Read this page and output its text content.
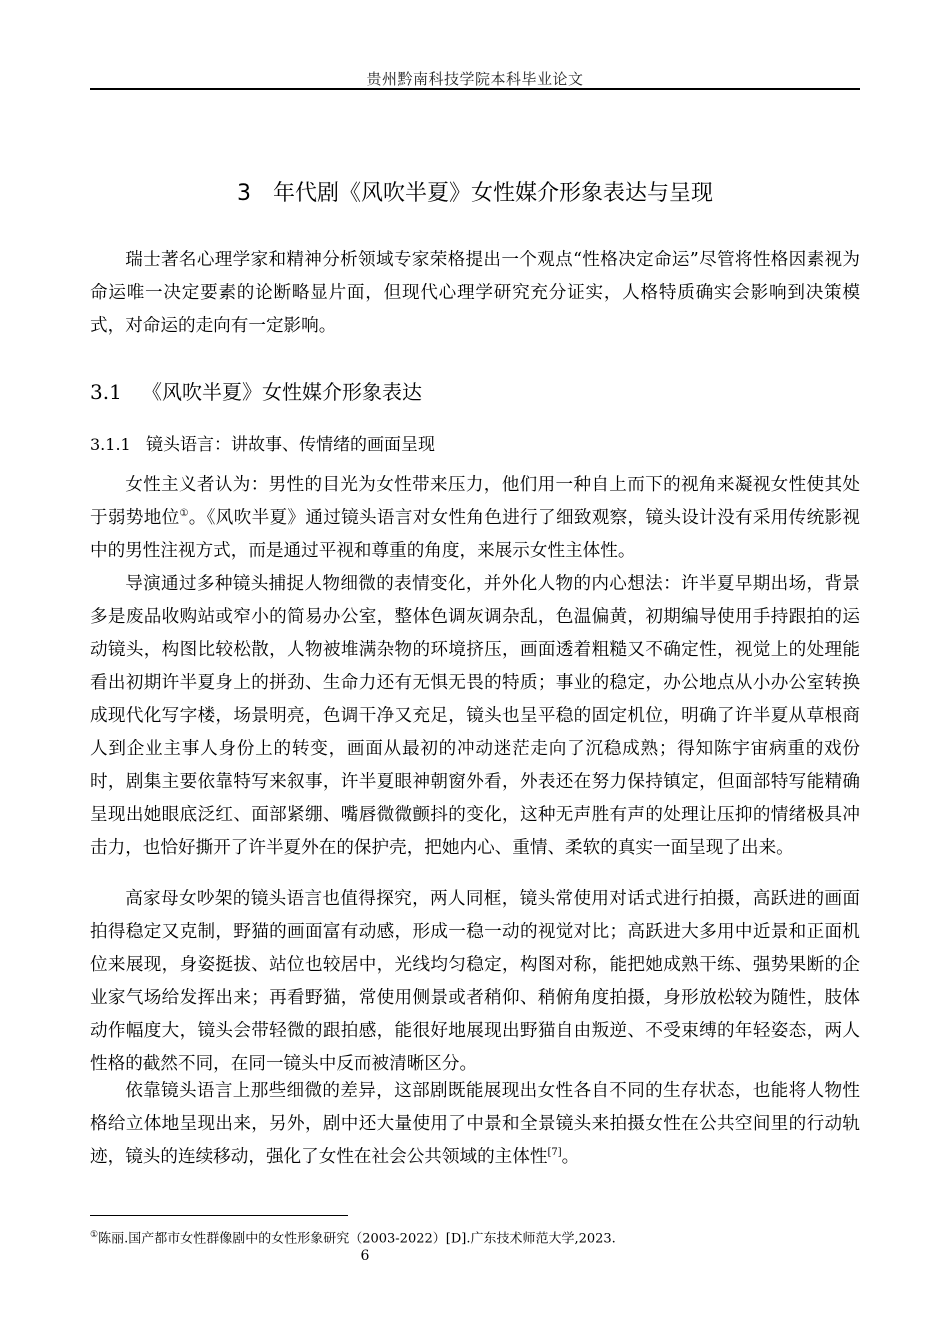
贵州黔南科技学院本科毕业论文
3 年代剧《风吹半夏》女性媒介形象表达与呈现
瑞士著名心理学家和精神分析领域专家荣格提出一个观点“性格决定命运”尽管将性格因素视为命运唯一决定要素的论断略显片面，但现代心理学研究充分证实，人格特质确实会影响到决策模式，对命运的走向有一定影响。
3.1 《风吹半夏》女性媒介形象表达
3.1.1 镜头语言：讲故事、传情绪的画面呈现
女性主义者认为：男性的目光为女性带来压力，他们用一种自上而下的视角来凝视女性使其处于弱势地位①。《风吹半夏》通过镜头语言对女性角色进行了细致观察，镜头设计没有采用传统影视中的男性注视方式，而是通过平视和尊重的角度，来展示女性主体性。
导演通过多种镜头捕捉人物细微的表情变化，并外化人物的内心想法：许半夏早期出场，背景多是废品收购站或窄小的简易办公室，整体色调灰调杂乱，色温偏黄，初期编导使用手持跟拍的运动镜头，构图比较松散，人物被堆满杂物的环境挤压，画面透着粗糙又不确定性，视觉上的处理能看出初期许半夏身上的拼劲、生命力还有无惧无畏的特质；事业的稳定，办公地点从小办公室转换成现代化写字楼，场景明亮，色调干净又充足，镜头也呈平稳的固定机位，明确了许半夏从草根商人到企业主事人身份上的转变，画面从最初的冲动迷茫走向了沉稳成熟；得知陈宇宙病重的戏份时，剧集主要依靠特写来叙事，许半夏眼神朝窗外看，外表还在努力保持镇定，但面部特写能精确呈现出她眼底泛红、面部紧绷、嘴唇微微颤抖的变化，这种无声胜有声的处理让压抑的情绪极具冲击力，也恰好撕开了许半夏外在的保护壳，把她内心、重情、柔软的真实一面呈现了出来。
高家母女吵架的镜头语言也值得探究，两人同框，镜头常使用对话式进行拍摄，高跃进的画面拍得稳定又克制，野猫的画面富有动感，形成一稳一动的视觉对比；高跃进大多用中近景和正面机位来展现，身姿挺拔、站位也较居中，光线均匀稳定，构图对称，能把她成熟干练、强势果断的企业家气场给发挥出来；再看野猫，常使用侧景或者稍仰、稍俯角度拍摄，身形放松较为随性，肢体动作幅度大，镜头会带轻微的跟拍感，能很好地展现出野猫自由叛逆、不受束缚的年轻姿态，两人性格的截然不同，在同一镜头中反而被清晰区分。
依靠镜头语言上那些细微的差异，这部剧既能展现出女性各自不同的生存状态，也能将人物性格给立体地呈现出来，另外，剧中还大量使用了中景和全景镜头来拍摄女性在公共空间里的行动轨迹，镜头的连续移动，强化了女性在社会公共领域的主体性[7]。
①陈丽.国产都市女性群像剧中的女性形象研究（2003-2022）[D].广东技术师范大学,2023.
6
